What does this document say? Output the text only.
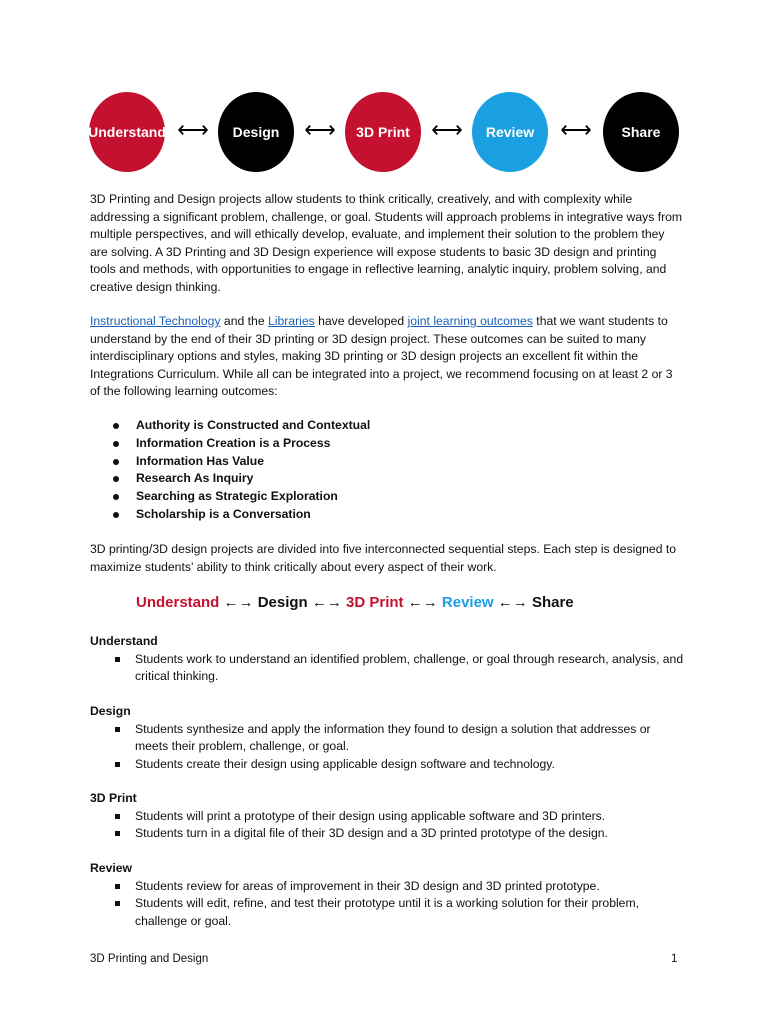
Understand ⟷	Design ⟷	3D Print ⟷	Review ⟷	Share
3D Printing and Design projects allow students to think critically, creatively, and with complexity while addressing a significant problem, challenge, or goal. Students will approach problems in integrative ways from multiple perspectives, and will ethically develop, evaluate, and implement their solution to the problem they are solving. A 3D Printing and 3D Design experience will expose students to basic 3D design and printing tools and methods, with opportunities to engage in reflective learning, analytic inquiry, problem solving, and creative design thinking.
Instructional Technology and the Libraries have developed joint learning outcomes that we want students to understand by the end of their 3D printing or 3D design project. These outcomes can be suited to many interdisciplinary options and styles, making 3D printing or 3D design projects an excellent fit within the Integrations Curriculum. While all can be integrated into a project, we recommend focusing on at least 2 or 3 of the following learning outcomes:
Authority is Constructed and Contextual
Information Creation is a Process
Information Has Value
Research As Inquiry
Searching as Strategic Exploration
Scholarship is a Conversation
3D printing/3D design projects are divided into five interconnected sequential steps. Each step is designed to maximize students’ ability to think critically about every aspect of their work.
Understand ←→ Design ←→ 3D Print ←→ Review ←→ Share
Understand
Students work to understand an identified problem, challenge, or goal through research, analysis, and critical thinking.
Design
Students synthesize and apply the information they found to design a solution that addresses or meets their problem, challenge, or goal.
Students create their design using applicable design software and technology.
3D Print
Students will print a prototype of their design using applicable software and 3D printers.
Students turn in a digital file of their 3D design and a 3D printed prototype of the design.
Review
Students review for areas of improvement in their 3D design and 3D printed prototype.
Students will edit, refine, and test their prototype until it is a working solution for their problem, challenge or goal.
3D Printing and Design	1
